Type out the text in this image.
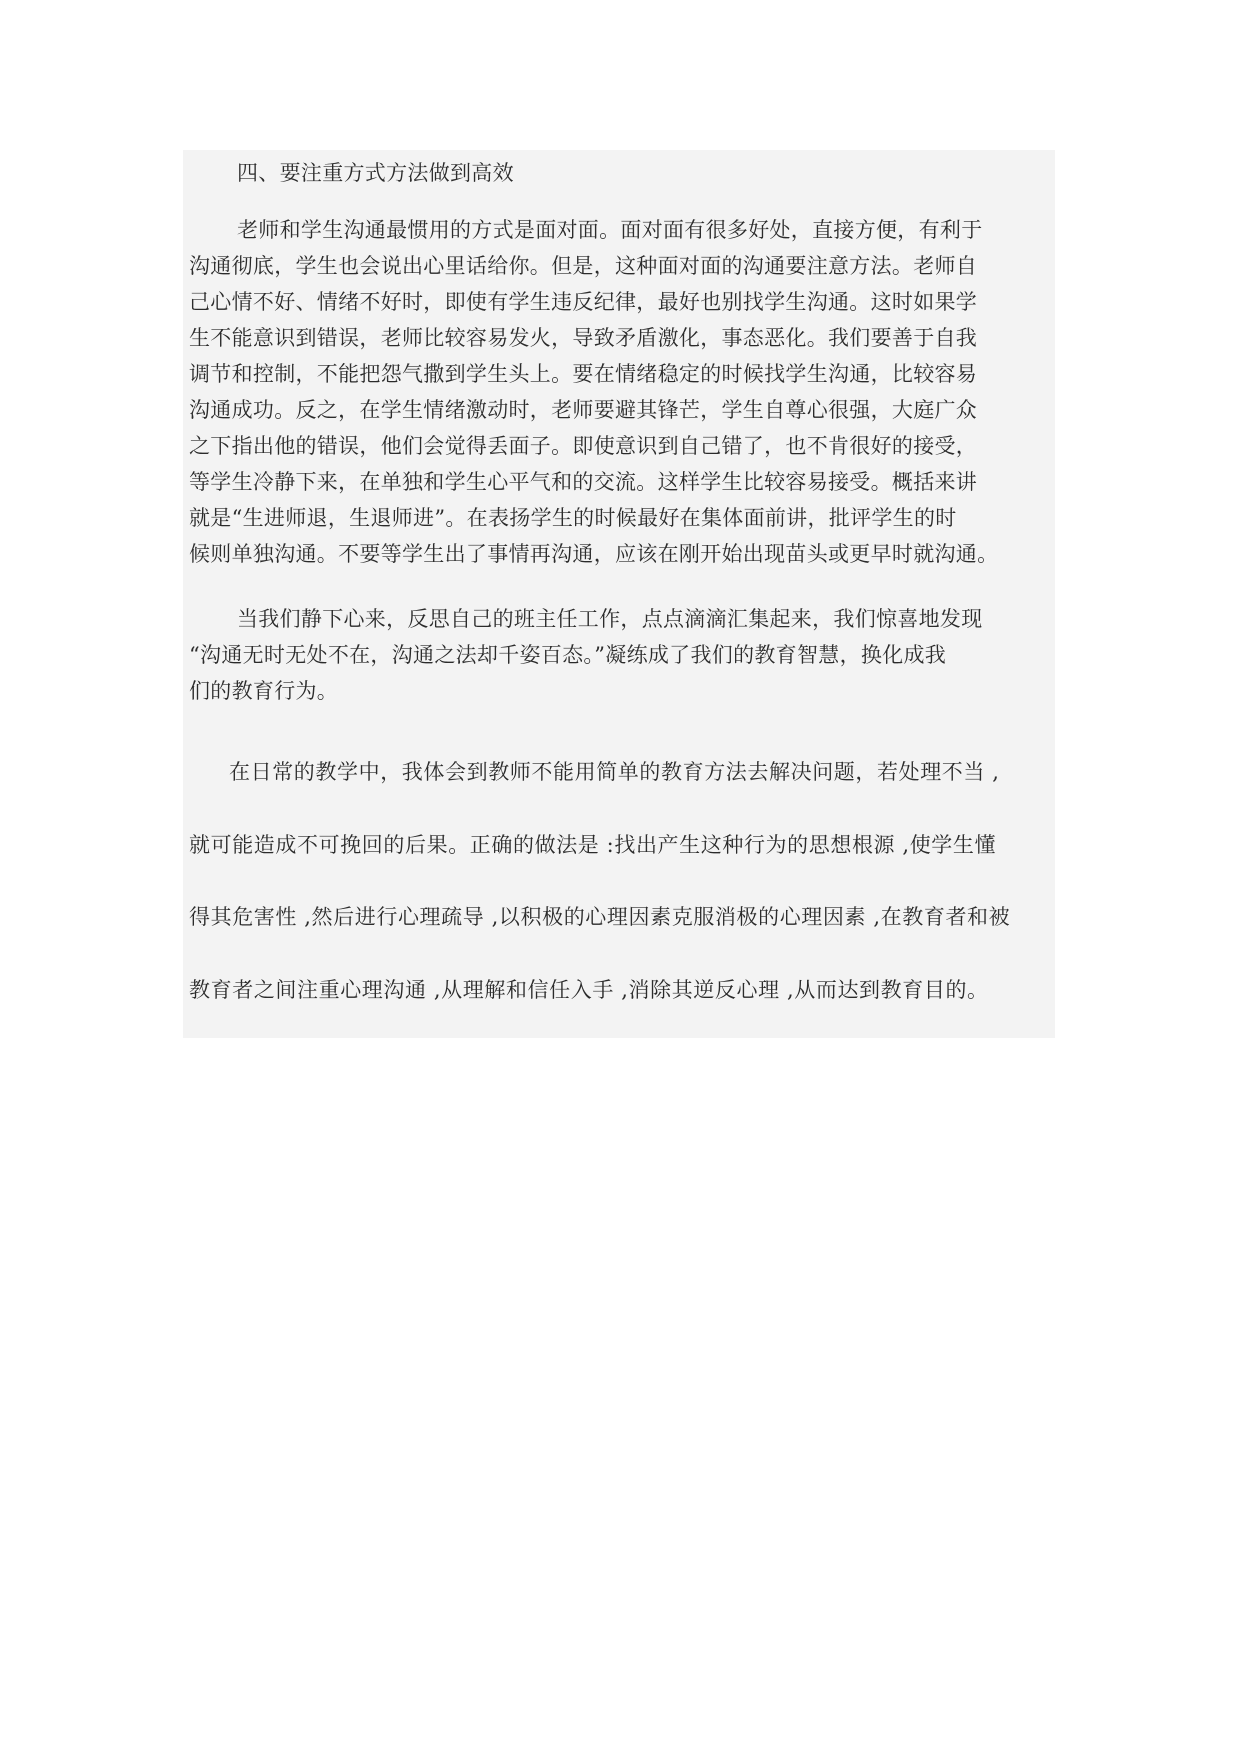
四、要注重方式方法做到高效
老师和学生沟通最惯用的方式是面对面。面对面有很多好处，直接方便，有利于
沟通彻底，学生也会说出心里话给你。但是，这种面对面的沟通要注意方法。老师自
己心情不好、情绪不好时，即使有学生违反纪律，最好也别找学生沟通。这时如果学
生不能意识到错误，老师比较容易发火，导致矛盾激化，事态恶化。我们要善于自我
调节和控制，不能把怨气撒到学生头上。要在情绪稳定的时候找学生沟通，比较容易
沟通成功。反之，在学生情绪激动时，老师要避其锋芒，学生自尊心很强，大庭广众
之下指出他的错误，他们会觉得丢面子。即使意识到自己错了，也不肯很好的接受，
等学生冷静下来，在单独和学生心平气和的交流。这样学生比较容易接受。概括来讲
就是“生进师退，生退师进”。在表扬学生的时候最好在集体面前讲，批评学生的时
候则单独沟通。不要等学生出了事情再沟通，应该在刚开始出现苗头或更早时就沟通。
当我们静下心来，反思自己的班主任工作，点点滴滴汇集起来，我们惊喜地发现
“沟通无时无处不在，沟通之法却千姿百态。”凝练成了我们的教育智慧，换化成我
们的教育行为。
在日常的教学中，我体会到教师不能用简单的教育方法去解决问题，若处理不当 ,
就可能造成不可挽回的后果。正确的做法是 :找出产生这种行为的思想根源 ,使学生懂
得其危害性 ,然后进行心理疏导 ,以积极的心理因素克服消极的心理因素 ,在教育者和被
教育者之间注重心理沟通 ,从理解和信任入手 ,消除其逆反心理 ,从而达到教育目的。
